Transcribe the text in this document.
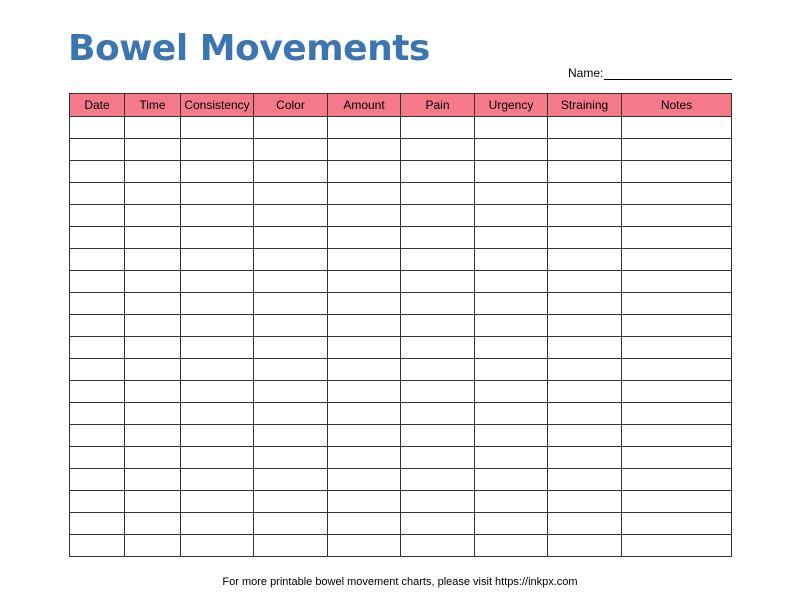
Bowel Movements
Name:
Date	Time	Consistency	Color	Amount	Pain	Urgency	Straining	Notes

For more printable bowel movement charts, please visit https://inkpx.com
